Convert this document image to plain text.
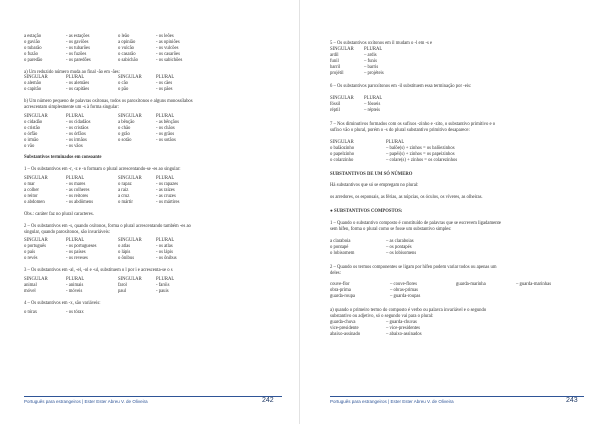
a estação	- as estações	o leão	- os leões
o gavião	- os gaviões	a opinião	- as opiniões
o tubarão	- os tubarões	o vulcão	- os vulcões
o fuzão	- os fuzões	o casarão	- os casarões
o paredão	- os paredões	o sabichão	- os sabichões

a) Um reduzido número muda ao final -ão em -ães:

SINGULAR	PLURAL	SINGULAR	PLURAL
o alemão	- os alemães	o cão	- os cães
o capitão	- os capitães	o pão	- os pães

b) Um número pequeno de palavras oxítonas, todos os paroxítonos e alguns monossílabos

acrescentam simplesmente um -s à forma singular:

SINGULAR	PLURAL	SINGULAR	PLURAL
o cidadão	- os cidadãos	a bênção	- as bênçãos
o cristão	- os cristãos	o chão	- os chãos
o órfão	- os órfãos	o grão	- os grãos
o irmão	- os irmãos	o sotão	- os sotãos
o vão	- os vãos

Substantivos terminados em consoante

1 – Os substantivos em -r, -z e -n formam o plural acrescentando-se -es ao singular:

SINGULAR	PLURAL	SINGULAR	PLURAL
o mar	- os mares	o rapaz	- os rapazes
a colher	- as colheres	a raiz	- as raízes
o reitor	- os reitores	a cruz	- as cruzes
o abdomen	- os abdômens	o mártir	- os mártires

Obs.: caráter faz no plural caracteres.

2 – Os substantivos em -s, quando oxítonos, forma o plural acrescentando também -es ao

singular, quando paroxítonos, são invariáveis:

SINGULAR	PLURAL	SINGULAR	PLURAL
o português	- os portugueses	o atlas	- os atlas
o país	- os países	o lápis	- os lápis
o revés	- os reveses	o ônibus	- os ônibus

3 – Os substantivos em -al, -el, -ol e -ul, substituem o l por i e acrescenta-se o s

SINGULAR	PLURAL	SINGULAR	PLURAL
animal	- animais	farol	- faróis
móvel	- móveis	paul	- pauis

4 – Os substantivos em -x, são variáveis:

o tórax	- os tórax
Português para estrangeiros | Ester Ester Abreu V. de Oliveira	242

5 – Os substantivos oxítonos em il mudam o -l em -s e

SINGULAR	PLURAL
ardil	– ardis
funil	– funis
barril	– barris
projétil	– projéteis

6 – Os substantivos paroxítonos em -il substituem essa terminação por -eis:

SINGULAR	PLURAL
fóssil	– fósseis
réptil	– répteis

7 – Nos diminutivos formados com os sufixos -zinho e -zito, o substantivo primitivo e o

sufixo vão o plural, porém o -s do plural substantivo primitivo desaparece:

SINGULAR	PLURAL
o balãozinho	– balõe(s) + zinhos = os balõezinhos
o papelzinho	– papéi(s) + zinhos = os papeizinhos
o colarzinho	– colare(s) + zinhos = os colarezinhos

SUBSTANTIVOS DE UM SÓ NÚMERO

Há substantivos que só se empregam no plural:

os arredores, os esponsais, as férias, as núpcias, os óculos, os víveres, as olheiras.

● SUBSTANTIVOS COMPOSTOS:

1 – Quando o substantivo composto é constituído de palavras que se escrevem ligadamente

sem hífen, forma o plural como se fosse um substantivo simples:

a claraboia	– as claraboias
o pontapé	– os pontapés
o lobisomem	– os lobisomens

2 – Quando os termos componentes se ligam por hífen podem variar todos ou apenas um

deles:

couve-flor	– couve-flores	guarda-marinha	– guarda-marinhas
obra-prima	– obras-primas
guarda-roupa	– guarda-roupas

a) quando o primeiro termo do composto é verbo ou palavra invariável e o segundo

substantivo ou adjetivo, só o segundo vai para o plural:

guarda-chuva	– guarda-chuvas
vice-presidente	– vice-presidentes
abaixo-assinado	– abaixo-assinados
Português para estrangeiros | Ester Ester Abreu V. de Oliveira	243
